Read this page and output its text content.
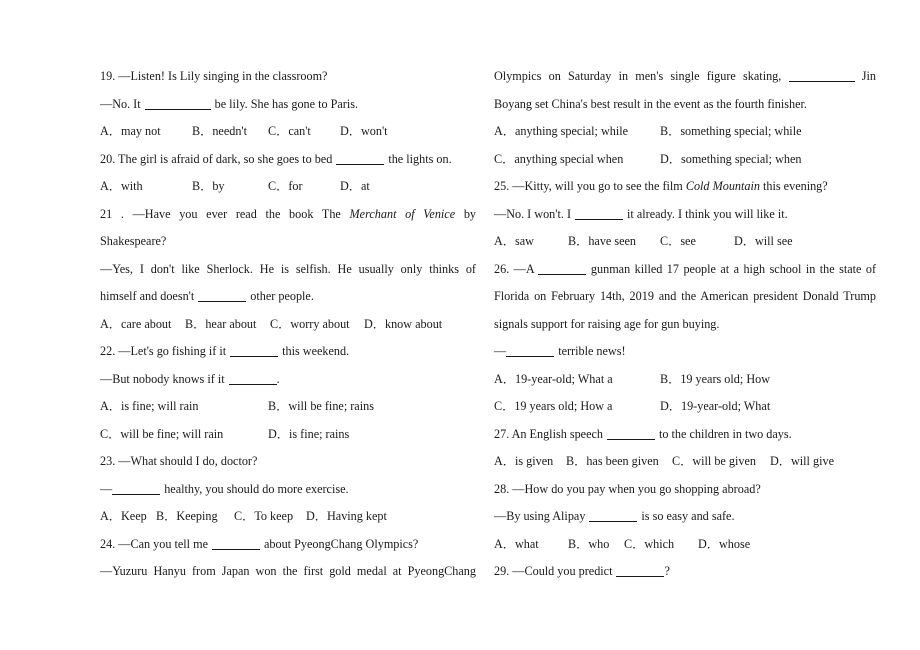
19. —Listen! Is Lily singing in the classroom?
—No. It	be lily. She has gone to Paris.
A．may not	B．needn't C．can't D．won't
20. The girl is afraid of dark, so she goes to bed	the lights on.
A．with	B．by	C．for	D．at
21 . —Have you ever read the book The Merchant of Venice by
Shakespeare?
—Yes, I don't like Sherlock. He is selfish. He usually only thinks of
himself and doesn't	other people.
A．care about B．hear about C．worry about D．know about
22. —Let's go fishing if it	this weekend.
—But nobody knows if it	.
A．is fine; will rain	B．will be fine; rains
C．will be fine; will rain	D．is fine; rains
23. —What should I do, doctor?
—	healthy, you should do more exercise.
A．Keep B．Keeping C．To keep D．Having kept
24. —Can you tell me	about PyeongChang Olympics?
—Yuzuru Hanyu from Japan won the first gold medal at PyeongChang
Olympics on Saturday in men's single figure skating,	Jin
Boyang set China's best result in the event as the fourth finisher.
A．anything special; while	B．something special; while
C．anything special when	D．something special; when
25. —Kitty, will you go to see the film Cold Mountain this evening?
—No. I won't. I	it already. I think you will like it.
A．saw	B．have seen C．see	D．will see
26. —A	gunman killed 17 people at a high school in the state of
Florida on February 14th, 2019 and the American president Donald Trump
signals support for raising age for gun buying.
—	terrible news!
A．19-year-old; What a	B．19 years old; How
C．19 years old; How a	D．19-year-old; What
27. An English speech	to the children in two days.
A．is given B．has been given C．will be given D．will give
28. —How do you pay when you go shopping abroad?
—By using Alipay	is so easy and safe.
A．what B．who C．which D．whose
29. —Could you predict	?
